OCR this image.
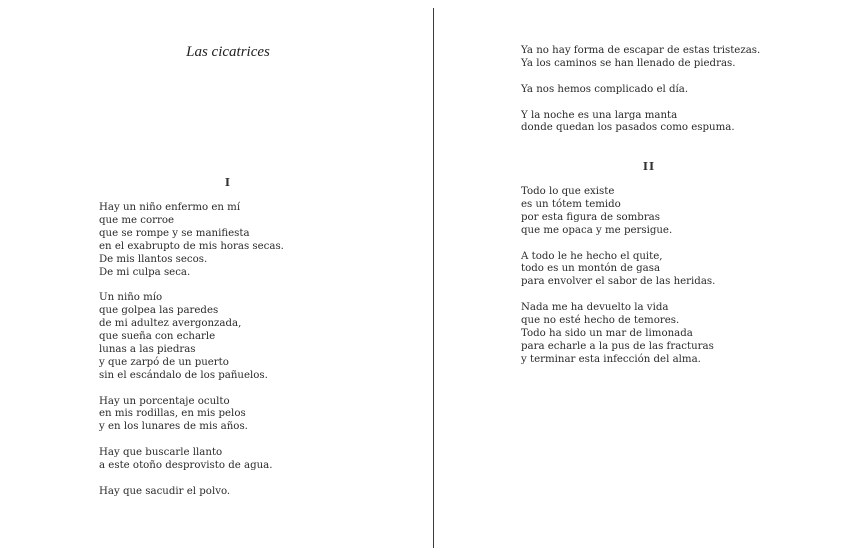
Las cicatrices
I
Hay un niño enfermo en mí
que me corroe
que se rompe y se manifiesta
en el exabrupto de mis horas secas.
De mis llantos secos.
De mi culpa seca.
Un niño mío
que golpea las paredes
de mi adultez avergonzada,
que sueña con echarle
lunas a las piedras
y que zarpó de un puerto
sin el escándalo de los pañuelos.
Hay un porcentaje oculto
en mis rodillas, en mis pelos
y en los lunares de mis años.
Hay que buscarle llanto
a este otoño desprovisto de agua.
Hay que sacudir el polvo.
Ya no hay forma de escapar de estas tristezas.
Ya los caminos se han llenado de piedras.
Ya nos hemos complicado el día.
Y la noche es una larga manta
donde quedan los pasados como espuma.
II
Todo lo que existe
es un tótem temido
por esta figura de sombras
que me opaca y me persigue.
A todo le he hecho el quite,
todo es un montón de gasa
para envolver el sabor de las heridas.
Nada me ha devuelto la vida
que no esté hecho de temores.
Todo ha sido un mar de limonada
para echarle a la pus de las fracturas
y terminar esta infección del alma.
